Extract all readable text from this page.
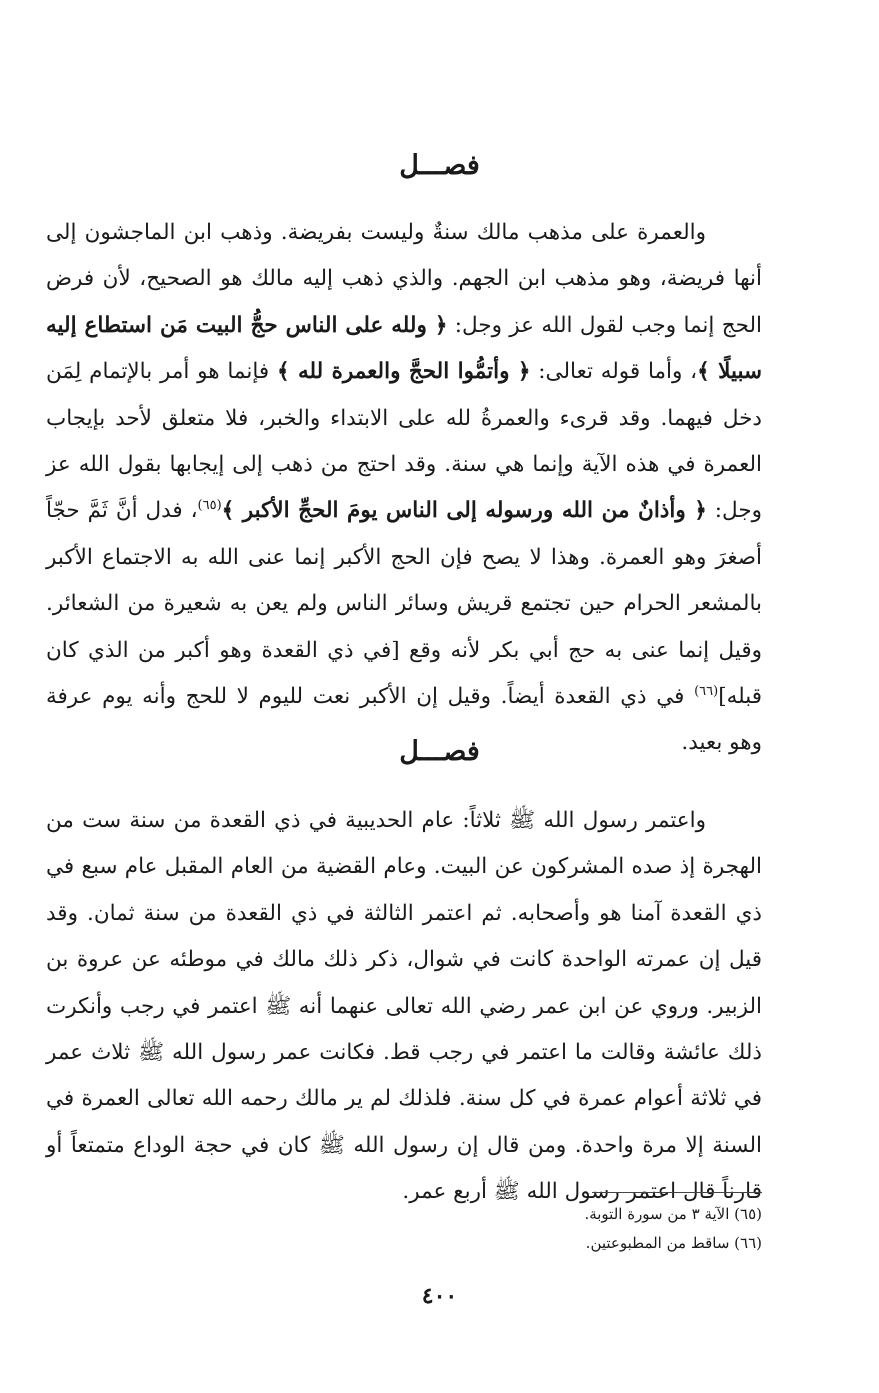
فصـــل

والعمرة على مذهب مالك سنةٌ وليست بفريضة. وذهب ابن الماجشون إلى أنها فريضة، وهو مذهب ابن الجهم. والذي ذهب إليه مالك هو الصحيح، لأن فرض الحج إنما وجب لقول الله عز وجل: ﴿ ولله على الناس حجُّ البيت مَن استطاع إليه سبيلًا ﴾، وأما قوله تعالى: ﴿ وأتمُّوا الحجَّ والعمرة لله ﴾ فإنما هو أمر بالإتمام لِمَن دخل فيهما. وقد قرىء والعمرةُ لله على الابتداء والخبر، فلا متعلق لأحد بإيجاب العمرة في هذه الآية وإنما هي سنة. وقد احتج من ذهب إلى إيجابها بقول الله عز وجل: ﴿ وأذانٌ من الله ورسوله إلى الناس يومَ الحجِّ الأكبر ﴾$^{(٦٥)}$، فدل أنَّ ثَمَّ حجّاً أصغرَ وهو العمرة. وهذا لا يصح فإن الحج الأكبر إنما عنى الله به الاجتماع الأكبر بالمشعر الحرام حين تجتمع قريش وسائر الناس ولم يعن به شعيرة من الشعائر. وقيل إنما عنى به حج أبي بكر لأنه وقع [في ذي القعدة وهو أكبر من الذي كان قبله]$^{(٦٦)}$ في ذي القعدة أيضاً. وقيل إن الأكبر نعت لليوم لا للحج وأنه يوم عرفة وهو بعيد.

فصـــل

واعتمر رسول الله ﷺ ثلاثاً: عام الحديبية في ذي القعدة من سنة ست من الهجرة إذ صده المشركون عن البيت. وعام القضية من العام المقبل عام سبع في ذي القعدة آمنا هو وأصحابه. ثم اعتمر الثالثة في ذي القعدة من سنة ثمان. وقد قيل إن عمرته الواحدة كانت في شوال، ذكر ذلك مالك في موطئه عن عروة بن الزبير. وروي عن ابن عمر رضي الله تعالى عنهما أنه ﷺ اعتمر في رجب وأنكرت ذلك عائشة وقالت ما اعتمر في رجب قط. فكانت عمر رسول الله ﷺ ثلاث عمر في ثلاثة أعوام عمرة في كل سنة. فلذلك لم ير مالك رحمه الله تعالى العمرة في السنة إلا مرة واحدة. ومن قال إن رسول الله ﷺ كان في حجة الوداع متمتعاً أو قارناً قال اعتمر رسول الله ﷺ أربع عمر.

(٦٥) الآية ٣ من سورة التوبة.
(٦٦) ساقط من المطبوعتين.
٤٠٠
